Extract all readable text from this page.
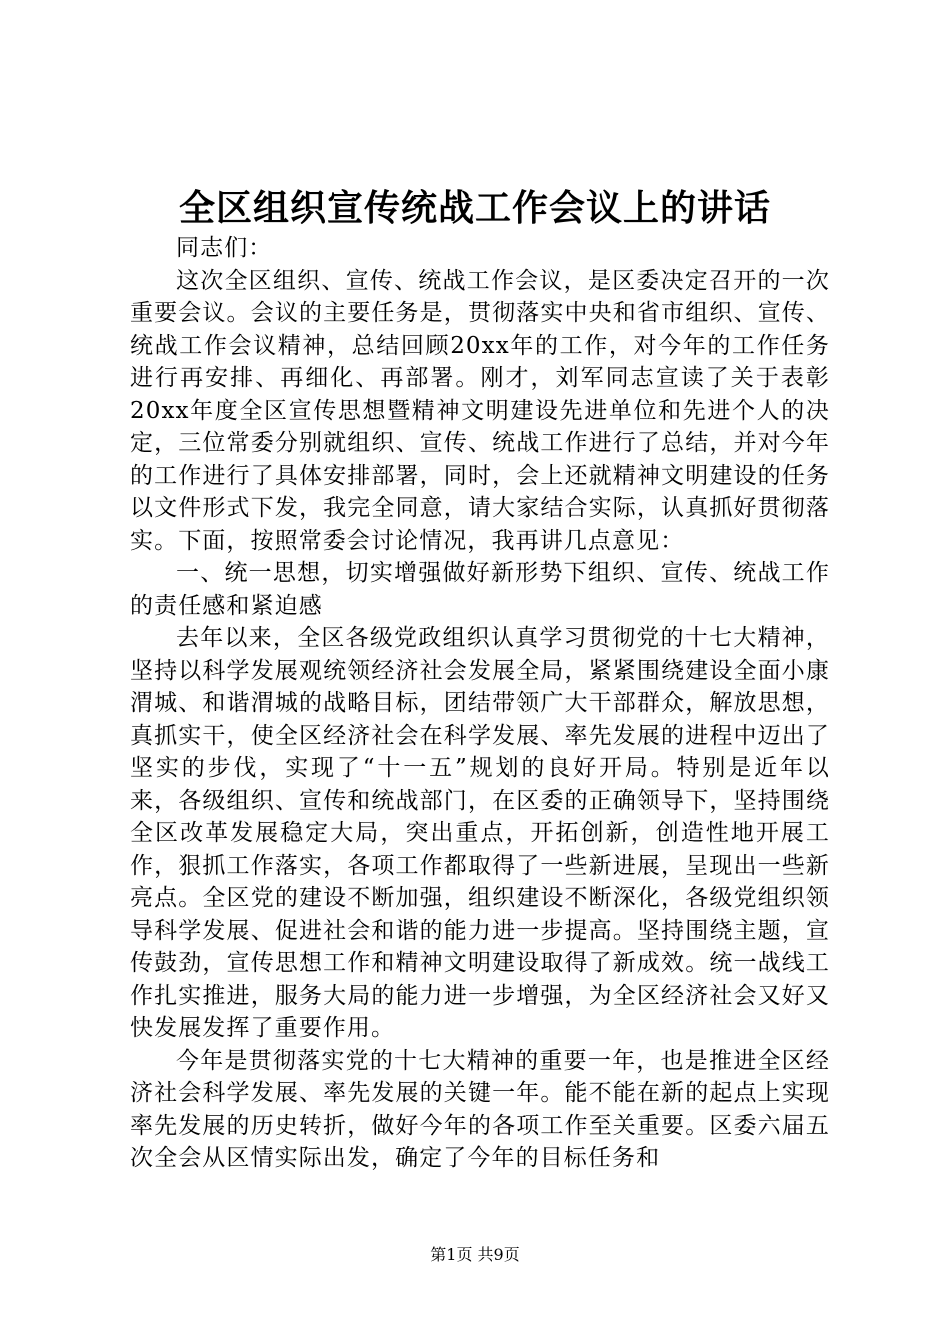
全区组织宣传统战工作会议上的讲话

同志们：

这次全区组织、宣传、统战工作会议，是区委决定召开的一次重要会议。会议的主要任务是，贯彻落实中央和省市组织、宣传、统战工作会议精神，总结回顾20xx年的工作，对今年的工作任务进行再安排、再细化、再部署。刚才，刘军同志宣读了关于表彰20xx年度全区宣传思想暨精神文明建设先进单位和先进个人的决定，三位常委分别就组织、宣传、统战工作进行了总结，并对今年的工作进行了具体安排部署，同时，会上还就精神文明建设的任务以文件形式下发，我完全同意，请大家结合实际，认真抓好贯彻落实。下面，按照常委会讨论情况，我再讲几点意见：

一、统一思想，切实增强做好新形势下组织、宣传、统战工作的责任感和紧迫感

去年以来，全区各级党政组织认真学习贯彻党的十七大精神，坚持以科学发展观统领经济社会发展全局，紧紧围绕建设全面小康渭城、和谐渭城的战略目标，团结带领广大干部群众，解放思想，真抓实干，使全区经济社会在科学发展、率先发展的进程中迈出了坚实的步伐，实现了“十一五”规划的良好开局。特别是近年以来，各级组织、宣传和统战部门，在区委的正确领导下，坚持围绕全区改革发展稳定大局，突出重点，开拓创新，创造性地开展工作，狠抓工作落实，各项工作都取得了一些新进展，呈现出一些新亮点。全区党的建设不断加强，组织建设不断深化，各级党组织领导科学发展、促进社会和谐的能力进一步提高。坚持围绕主题，宣传鼓劲，宣传思想工作和精神文明建设取得了新成效。统一战线工作扎实推进，服务大局的能力进一步增强，为全区经济社会又好又快发展发挥了重要作用。

今年是贯彻落实党的十七大精神的重要一年，也是推进全区经济社会科学发展、率先发展的关键一年。能不能在新的起点上实现率先发展的历史转折，做好今年的各项工作至关重要。区委六届五次全会从区情实际出发，确定了今年的目标任务和

第1页 共9页
